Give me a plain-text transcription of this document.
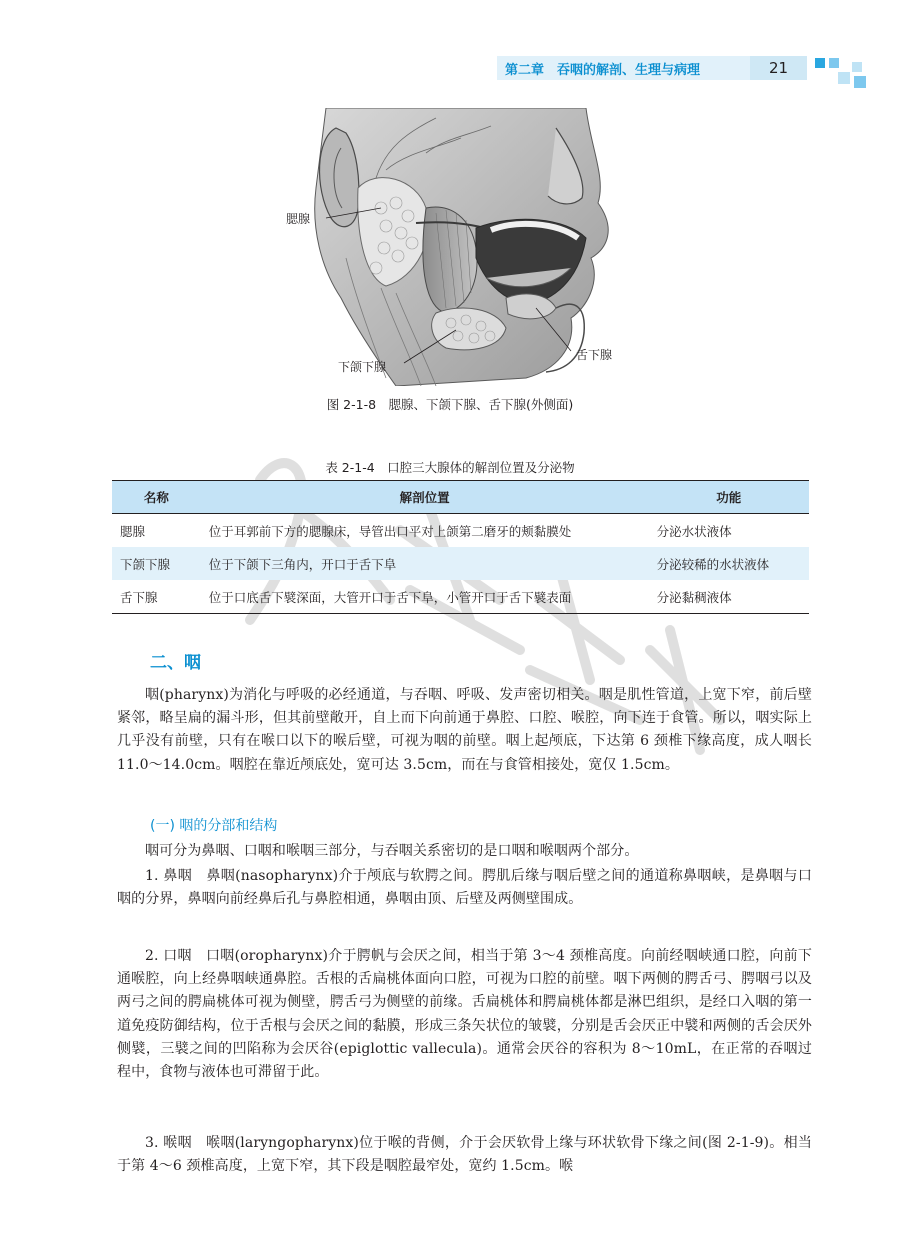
第二章　吞咽的解剖、生理与病理	21
腮腺
下颌下腺
舌下腺
图 2-1-8　腮腺、下颌下腺、舌下腺(外侧面)
表 2-1-4　口腔三大腺体的解剖位置及分泌物
名称	解剖位置	功能
腮腺	位于耳郭前下方的腮腺床，导管出口平对上颌第二磨牙的颊黏膜处	分泌水状液体
下颌下腺	位于下颌下三角内，开口于舌下阜	分泌较稀的水状液体
舌下腺	位于口底舌下襞深面，大管开口于舌下阜，小管开口于舌下襞表面	分泌黏稠液体
二、咽

咽(pharynx)为消化与呼吸的必经通道，与吞咽、呼吸、发声密切相关。咽是肌性管道，上宽下窄，前后壁紧邻，略呈扁的漏斗形，但其前壁敞开，自上而下向前通于鼻腔、口腔、喉腔，向下连于食管。所以，咽实际上几乎没有前壁，只有在喉口以下的喉后壁，可视为咽的前壁。咽上起颅底，下达第 6 颈椎下缘高度，成人咽长 11.0～14.0cm。咽腔在靠近颅底处，宽可达 3.5cm，而在与食管相接处，宽仅 1.5cm。

(一) 咽的分部和结构

咽可分为鼻咽、口咽和喉咽三部分，与吞咽关系密切的是口咽和喉咽两个部分。

1. 鼻咽　鼻咽(nasopharynx)介于颅底与软腭之间。腭肌后缘与咽后壁之间的通道称鼻咽峡，是鼻咽与口咽的分界，鼻咽向前经鼻后孔与鼻腔相通，鼻咽由顶、后壁及两侧壁围成。

2. 口咽　口咽(oropharynx)介于腭帆与会厌之间，相当于第 3～4 颈椎高度。向前经咽峡通口腔，向前下通喉腔，向上经鼻咽峡通鼻腔。舌根的舌扁桃体面向口腔，可视为口腔的前壁。咽下两侧的腭舌弓、腭咽弓以及两弓之间的腭扁桃体可视为侧壁，腭舌弓为侧壁的前缘。舌扁桃体和腭扁桃体都是淋巴组织，是经口入咽的第一道免疫防御结构，位于舌根与会厌之间的黏膜，形成三条矢状位的皱襞，分别是舌会厌正中襞和两侧的舌会厌外侧襞，三襞之间的凹陷称为会厌谷(epiglottic vallecula)。通常会厌谷的容积为 8～10mL，在正常的吞咽过程中，食物与液体也可滞留于此。

3. 喉咽　喉咽(laryngopharynx)位于喉的背侧，介于会厌软骨上缘与环状软骨下缘之间(图 2-1-9)。相当于第 4～6 颈椎高度，上宽下窄，其下段是咽腔最窄处，宽约 1.5cm。喉
